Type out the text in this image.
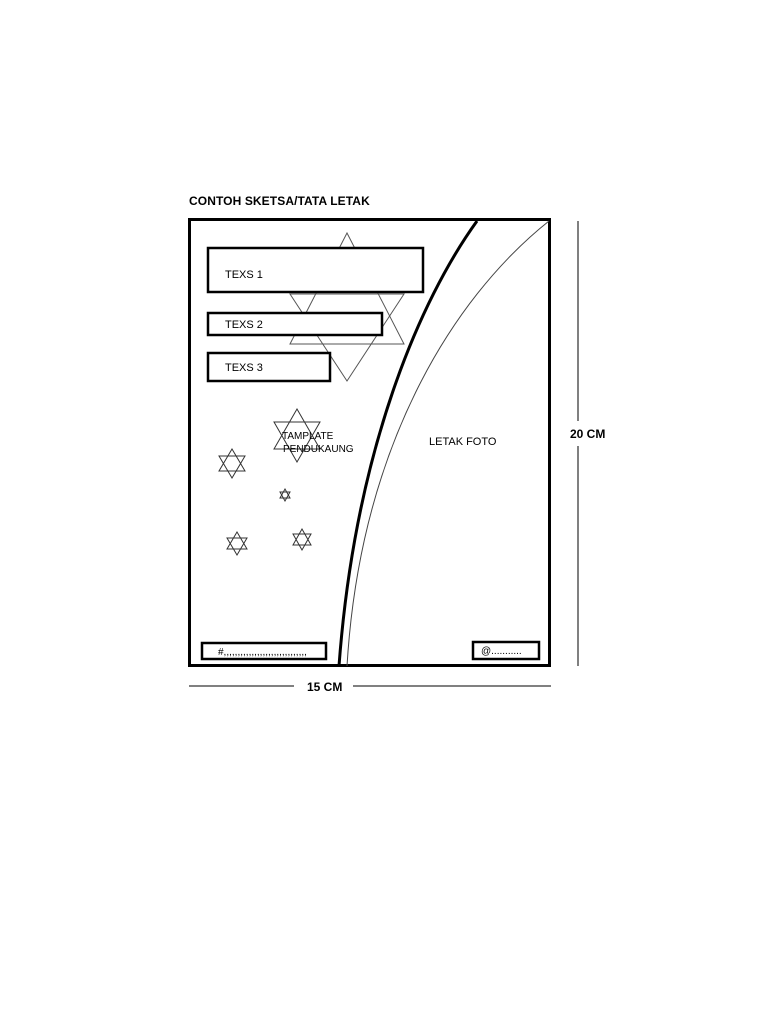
CONTOH SKETSA/TATA LETAK
TEXS 1
TEXS 2
TEXS 3
TAMPLATE
PENDUKAUNG
LETAK FOTO
#,,,,,,,,,,,,,,,,,,,,,,,,,,,,,,	@...........
20 CM
15 CM
